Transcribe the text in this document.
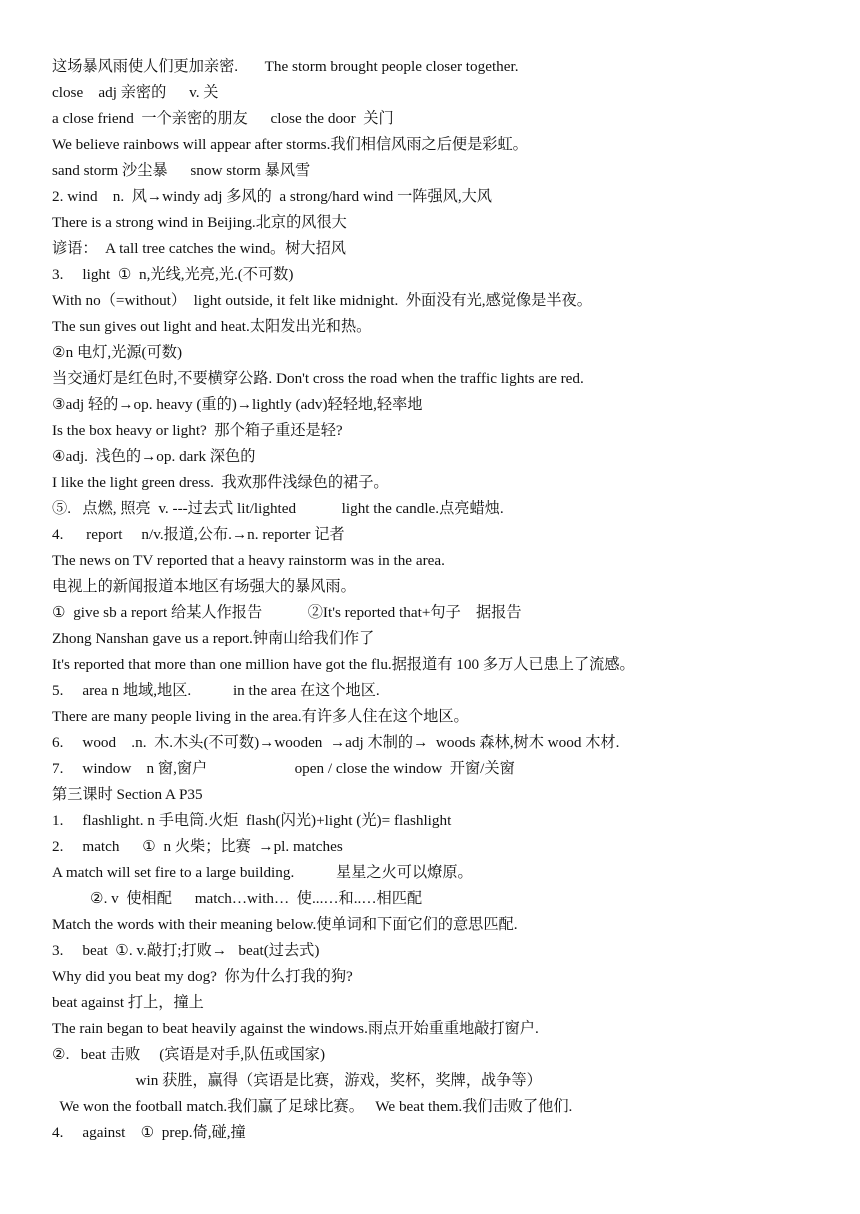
这场暴风雨使人们更加亲密.       The storm brought people closer together.
close    adj 亲密的      v. 关
a close friend  一个亲密的朋友      close the door  关门
We believe rainbows will appear after storms.我们相信风雨之后便是彩虹。
sand storm 沙尘暴      snow storm 暴风雪
2. wind    n.  风→windy adj 多风的  a strong/hard wind 一阵强风,大风
There is a strong wind in Beijing.北京的风很大
谚语：  A tall tree catches the wind。树大招风
3.     light  ①  n,光线,光亮,光.(不可数)
With no（=without）  light outside, it felt like midnight.  外面没有光,感觉像是半夜。
The sun gives out light and heat.太阳发出光和热。
②n 电灯,光源(可数)
当交通灯是红色时,不要横穿公路. Don't cross the road when the traffic lights are red.
③adj 轻的→op. heavy (重的)→lightly (adv)轻轻地,轻率地
Is the box heavy or light?  那个箱子重还是轻?
④adj.  浅色的→op. dark 深色的
I like the light green dress.  我欢那件浅绿色的裙子。
⑤.   点燃, 照亮  v. ---过去式 lit/lighted            light the candle.点亮蜡烛.
4.      report     n/v.报道,公布.→n. reporter 记者
The news on TV reported that a heavy rainstorm was in the area.
电视上的新闻报道本地区有场强大的暴风雨。
①  give sb a report 给某人作报告            ②It's reported that+句子    据报告
Zhong Nanshan gave us a report.钟南山给我们作了
It's reported that more than one million have got the flu.据报道有 100 多万人已患上了流感。
5.     area n 地域,地区.           in the area 在这个地区.
There are many people living in the area.有许多人住在这个地区。
6.     wood    .n.  木.木头(不可数)→wooden  →adj 木制的→  woods 森林,树木 wood 木材.
7.     window    n 窗,窗户                       open / close the window  开窗/关窗
第三课时 Section A P35
1.     flashlight. n 手电筒.火炬  flash(闪光)+light (光)= flashlight
2.     match      ①  n 火柴；比赛  →pl. matches
A match will set fire to a large building.           星星之火可以燎原。
②. v  使相配      match…with…  使...…和..…相匹配
Match the words with their meaning below.使单词和下面它们的意思匹配.
3.     beat  ①. v.敲打;打败→   beat(过去式)
Why did you beat my dog?  你为什么打我的狗?
beat against 打上，撞上
The rain began to beat heavily against the windows.雨点开始重重地敲打窗户.
②.   beat 击败     (宾语是对手,队伍或国家)
win 获胜，赢得（宾语是比赛，游戏，奖杯，奖牌，战争等）
We won the football match.我们赢了足球比赛。   We beat them.我们击败了他们.
4.     against    ①  prep.倚,碰,撞
